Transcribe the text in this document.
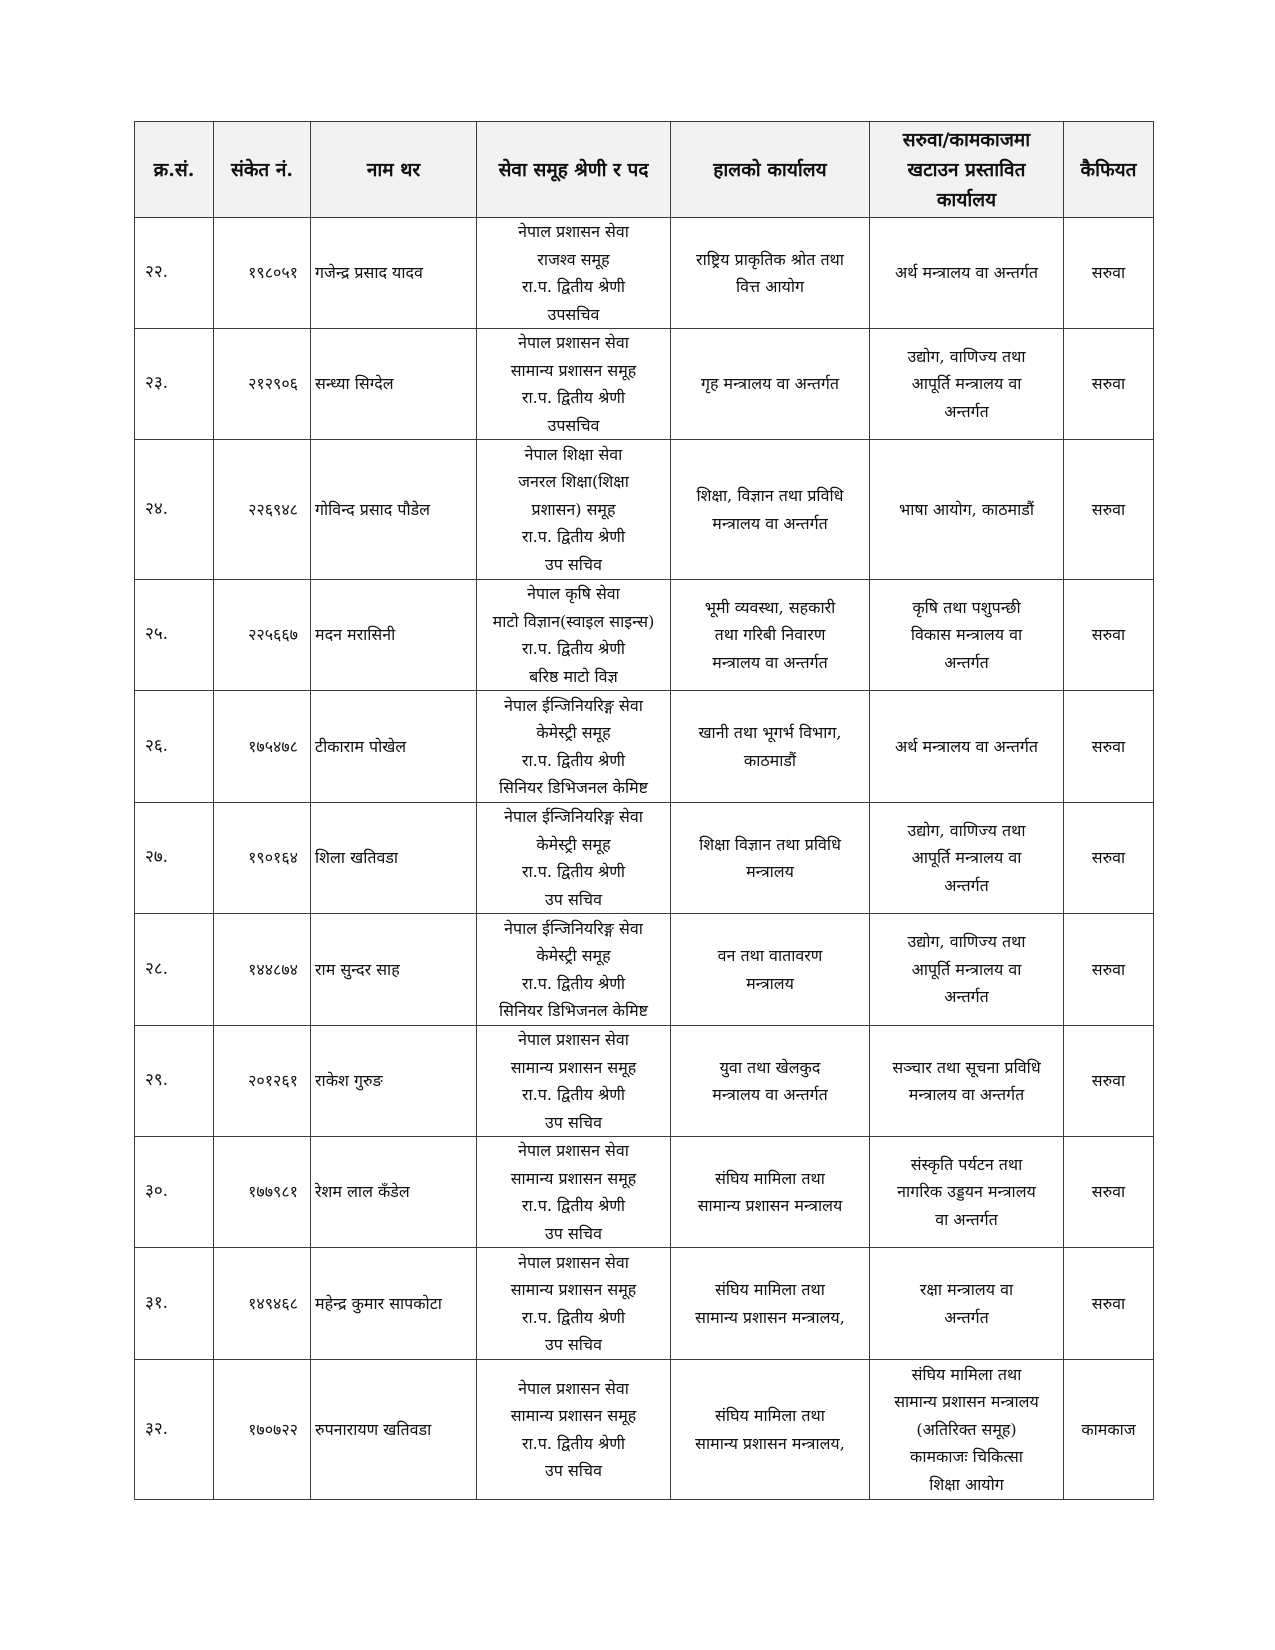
क्र.सं.	संकेत नं.	नाम थर	सेवा समूह श्रेणी र पद	हालको कार्यालय	सरुवा/कामकाजमा
खटाउन प्रस्तावित
कार्यालय	कैफियत
२२.	१९८०५१	गजेन्द्र प्रसाद यादव	नेपाल प्रशासन सेवा
राजश्व समूह
रा.प. द्वितीय श्रेणी
उपसचिव	राष्ट्रिय प्राकृतिक श्रोत तथा
वित्त आयोग	अर्थ मन्त्रालय वा अन्तर्गत	सरुवा
२३.	२१२९०६	सन्ध्या सिग्देल	नेपाल प्रशासन सेवा
सामान्य प्रशासन समूह
रा.प. द्वितीय श्रेणी
उपसचिव	गृह मन्त्रालय वा अन्तर्गत	उद्योग, वाणिज्य तथा
आपूर्ति मन्त्रालय वा
अन्तर्गत	सरुवा
२४.	२२६९४८	गोविन्द प्रसाद पौडेल	नेपाल शिक्षा सेवा
जनरल शिक्षा(शिक्षा
प्रशासन) समूह
रा.प. द्वितीय श्रेणी
उप सचिव	शिक्षा, विज्ञान तथा प्रविधि
मन्त्रालय वा अन्तर्गत	भाषा आयोग, काठमाडौं	सरुवा
२५.	२२५६६७	मदन मरासिनी	नेपाल कृषि सेवा
माटो विज्ञान(स्वाइल साइन्स)
रा.प. द्वितीय श्रेणी
बरिष्ठ माटो विज्ञ	भूमी व्यवस्था, सहकारी
तथा गरिबी निवारण
मन्त्रालय वा अन्तर्गत	कृषि तथा पशुपन्छी
विकास मन्त्रालय वा
अन्तर्गत	सरुवा
२६.	१७५४७८	टीकाराम पोखेल	नेपाल ईन्जिनियरिङ्ग सेवा
केमेस्ट्री समूह
रा.प. द्वितीय श्रेणी
सिनियर डिभिजनल केमिष्ट	खानी तथा भूगर्भ विभाग,
काठमाडौं	अर्थ मन्त्रालय वा अन्तर्गत	सरुवा
२७.	१९०१६४	शिला खतिवडा	नेपाल ईन्जिनियरिङ्ग सेवा
केमेस्ट्री समूह
रा.प. द्वितीय श्रेणी
उप सचिव	शिक्षा विज्ञान तथा प्रविधि
मन्त्रालय	उद्योग, वाणिज्य तथा
आपूर्ति मन्त्रालय वा
अन्तर्गत	सरुवा
२८.	१४४८७४	राम सुन्दर साह	नेपाल ईन्जिनियरिङ्ग सेवा
केमेस्ट्री समूह
रा.प. द्वितीय श्रेणी
सिनियर डिभिजनल केमिष्ट	वन तथा वातावरण
मन्त्रालय	उद्योग, वाणिज्य तथा
आपूर्ति मन्त्रालय वा
अन्तर्गत	सरुवा
२९.	२०१२६१	राकेश गुरुङ	नेपाल प्रशासन सेवा
सामान्य प्रशासन समूह
रा.प. द्वितीय श्रेणी
उप सचिव	युवा तथा खेलकुद
मन्त्रालय वा अन्तर्गत	सञ्चार तथा सूचना प्रविधि
मन्त्रालय वा अन्तर्गत	सरुवा
३०.	१७७९८१	रेशम लाल कँडेल	नेपाल प्रशासन सेवा
सामान्य प्रशासन समूह
रा.प. द्वितीय श्रेणी
उप सचिव	संघिय मामिला तथा
सामान्य प्रशासन मन्त्रालय	संस्कृति पर्यटन तथा
नागरिक उड्डयन मन्त्रालय
वा अन्तर्गत	सरुवा
३१.	१४९४६८	महेन्द्र कुमार सापकोटा	नेपाल प्रशासन सेवा
सामान्य प्रशासन समूह
रा.प. द्वितीय श्रेणी
उप सचिव	संघिय मामिला तथा
सामान्य प्रशासन मन्त्रालय,	रक्षा मन्त्रालय वा
अन्तर्गत	सरुवा
३२.	१७०७२२	रुपनारायण खतिवडा	नेपाल प्रशासन सेवा
सामान्य प्रशासन समूह
रा.प. द्वितीय श्रेणी
उप सचिव	संघिय मामिला तथा
सामान्य प्रशासन मन्त्रालय,	संघिय मामिला तथा
सामान्य प्रशासन मन्त्रालय
(अतिरिक्त समूह)
कामकाजः चिकित्सा
शिक्षा आयोग	कामकाज
